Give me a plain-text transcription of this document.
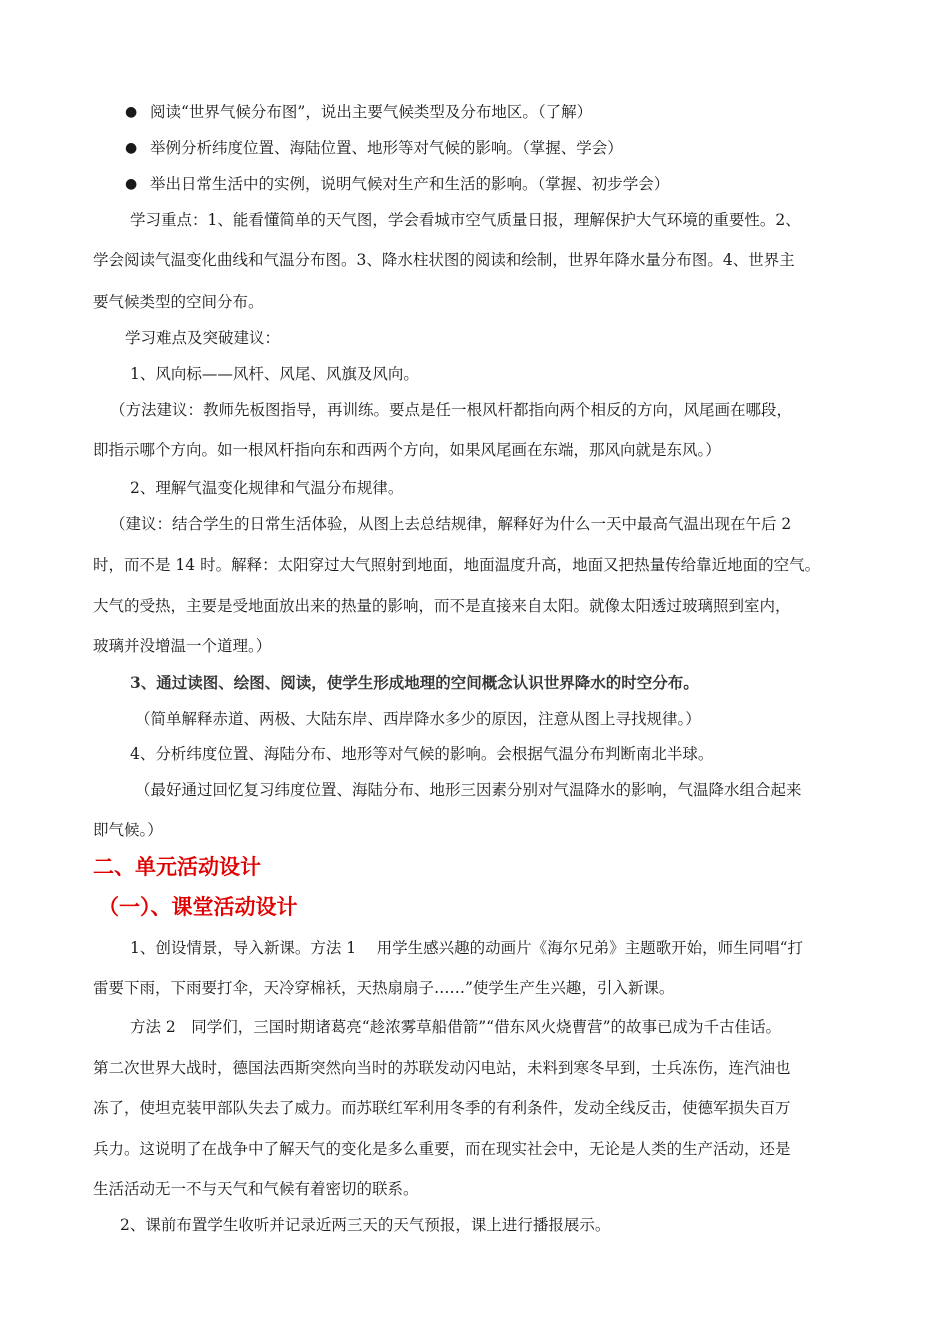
● 阅读“世界气候分布图”，说出主要气候类型及分布地区。（了解）
● 举例分析纬度位置、海陆位置、地形等对气候的影响。（掌握、学会）
● 举出日常生活中的实例，说明气候对生产和生活的影响。（掌握、初步学会）
学习重点：1、能看懂简单的天气图，学会看城市空气质量日报，理解保护大气环境的重要性。2、
学会阅读气温变化曲线和气温分布图。3、降水柱状图的阅读和绘制，世界年降水量分布图。4、世界主
要气候类型的空间分布。
学习难点及突破建议：
1、风向标——风杆、风尾、风旗及风向。
（方法建议：教师先板图指导，再训练。要点是任一根风杆都指向两个相反的方向，风尾画在哪段，
即指示哪个方向。如一根风杆指向东和西两个方向，如果风尾画在东端，那风向就是东风。）
2、理解气温变化规律和气温分布规律。
（建议：结合学生的日常生活体验，从图上去总结规律，解释好为什么一天中最高气温出现在午后 2
时，而不是 14 时。解释：太阳穿过大气照射到地面，地面温度升高，地面又把热量传给靠近地面的空气。
大气的受热，主要是受地面放出来的热量的影响，而不是直接来自太阳。就像太阳透过玻璃照到室内，
玻璃并没增温一个道理。）
3、通过读图、绘图、阅读，使学生形成地理的空间概念认识世界降水的时空分布。
（简单解释赤道、两极、大陆东岸、西岸降水多少的原因，注意从图上寻找规律。）
4、分析纬度位置、海陆分布、地形等对气候的影响。会根据气温分布判断南北半球。
（最好通过回忆复习纬度位置、海陆分布、地形三因素分别对气温降水的影响，气温降水组合起来
即气候。）
二、单元活动设计
（一）、课堂活动设计
1、创设情景，导入新课。方法 1　 用学生感兴趣的动画片《海尔兄弟》主题歌开始，师生同唱“打
雷要下雨，下雨要打伞，天冷穿棉袄，天热扇扇子……”使学生产生兴趣，引入新课。
方法 2　同学们，三国时期诸葛亮“趁浓雾草船借箭”“借东风火烧曹营”的故事已成为千古佳话。
第二次世界大战时，德国法西斯突然向当时的苏联发动闪电站，未料到寒冬早到，士兵冻伤，连汽油也
冻了，使坦克装甲部队失去了威力。而苏联红军利用冬季的有利条件，发动全线反击，使德军损失百万
兵力。这说明了在战争中了解天气的变化是多么重要，而在现实社会中，无论是人类的生产活动，还是
生活活动无一不与天气和气候有着密切的联系。
2、课前布置学生收听并记录近两三天的天气预报，课上进行播报展示。
